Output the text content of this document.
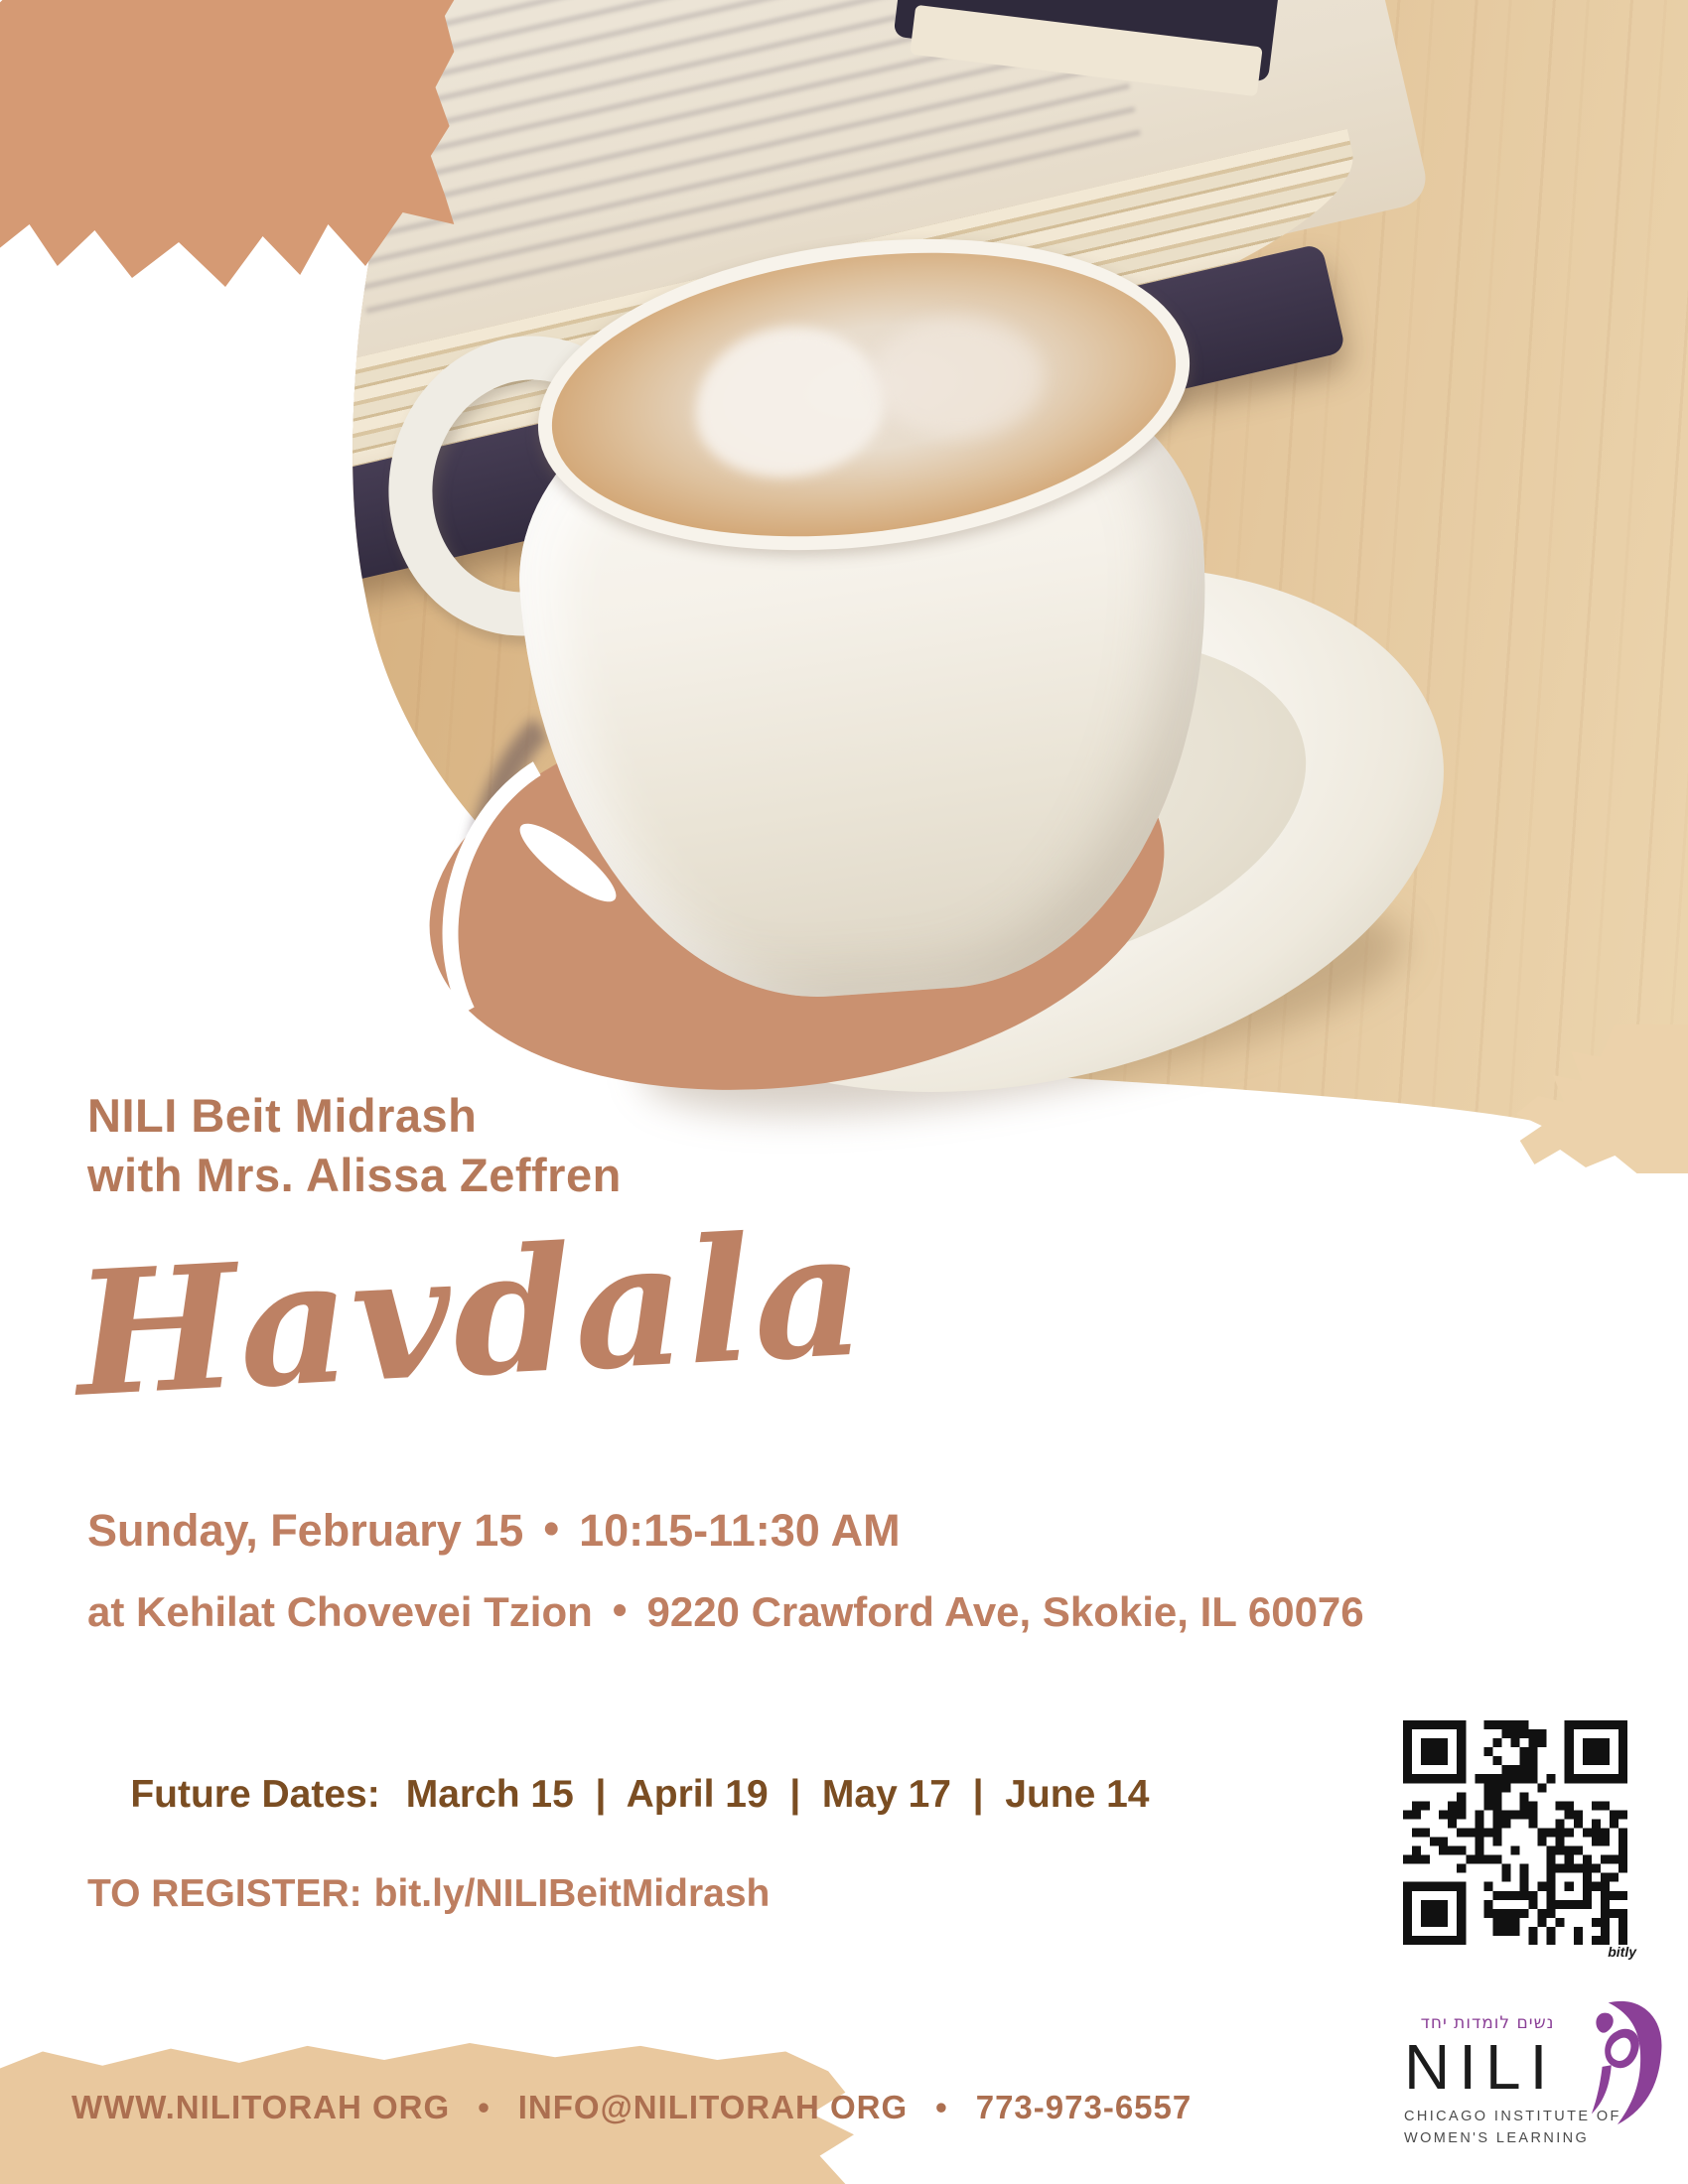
NILI Beit Midrash
with Mrs. Alissa Zeffren
Havdala
Sunday, February 15 • 10:15-11:30 AM
at Kehilat Chovevei Tzion • 9220 Crawford Ave, Skokie, IL 60076

Future Dates: March 15  |  April 19  |  May 17  |  June 14

TO REGISTER: bit.ly/NILIBeitMidrash
bitly
נשים לומדות יחד
NILI
CHICAGO INSTITUTE OF
WOMEN'S LEARNING
WWW.NILITORAH ORG • INFO@NILITORAH ORG • 773-973-6557
